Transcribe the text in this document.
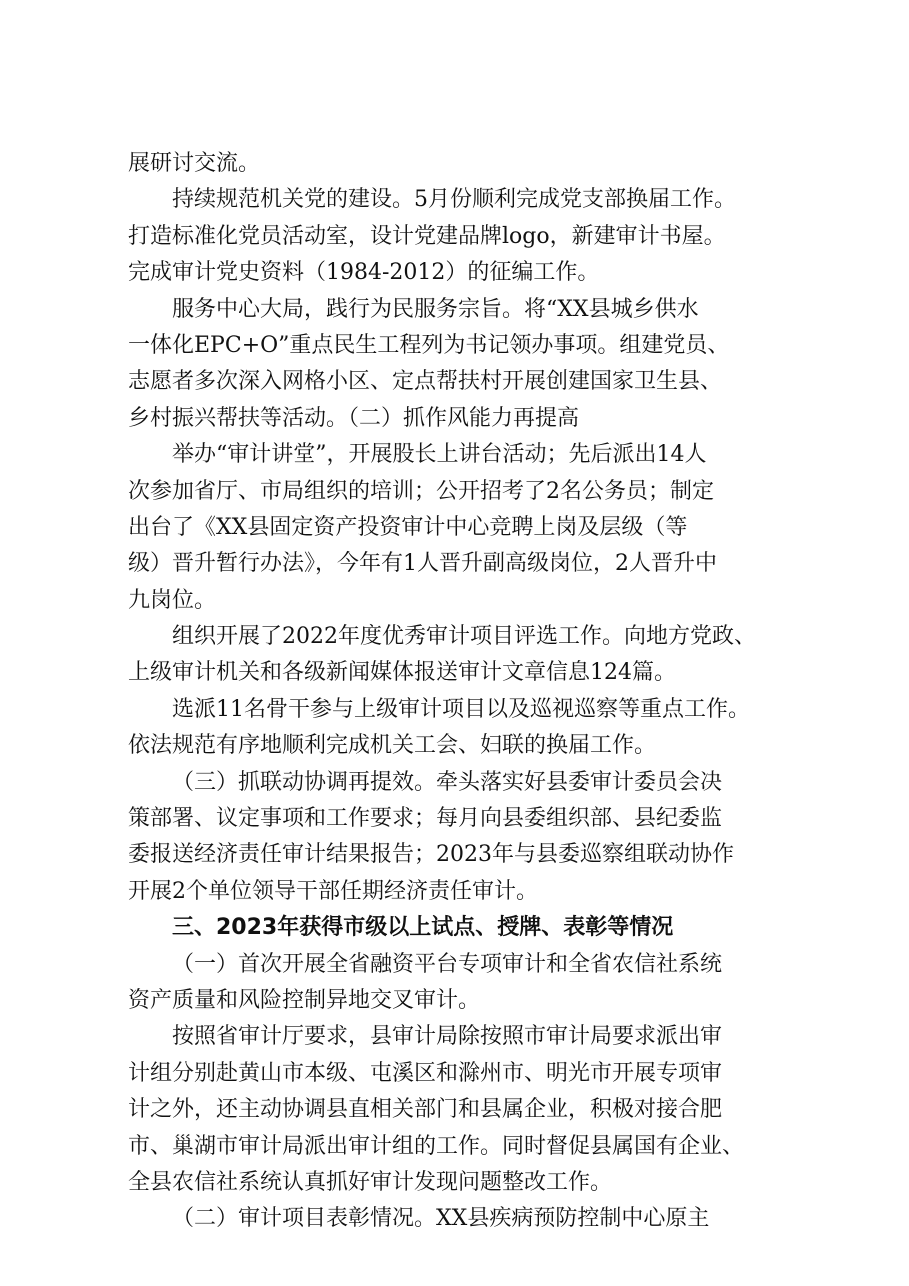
展研讨交流。
持续规范机关党的建设。5月份顺利完成党支部换届工作。
打造标准化党员活动室，设计党建品牌logo，新建审计书屋。
完成审计党史资料（1984-2012）的征编工作。
服务中心大局，践行为民服务宗旨。将“XX县城乡供水
一体化EPC+O”重点民生工程列为书记领办事项。组建党员、
志愿者多次深入网格小区、定点帮扶村开展创建国家卫生县、
乡村振兴帮扶等活动。（二）抓作风能力再提高
举办“审计讲堂”，开展股长上讲台活动；先后派出14人
次参加省厅、市局组织的培训；公开招考了2名公务员；制定
出台了《XX县固定资产投资审计中心竞聘上岗及层级（等
级）晋升暂行办法》，今年有1人晋升副高级岗位，2人晋升中
九岗位。
组织开展了2022年度优秀审计项目评选工作。向地方党政、
上级审计机关和各级新闻媒体报送审计文章信息124篇。
选派11名骨干参与上级审计项目以及巡视巡察等重点工作。
依法规范有序地顺利完成机关工会、妇联的换届工作。
（三）抓联动协调再提效。牵头落实好县委审计委员会决
策部署、议定事项和工作要求；每月向县委组织部、县纪委监
委报送经济责任审计结果报告；2023年与县委巡察组联动协作
开展2个单位领导干部任期经济责任审计。
三、2023年获得市级以上试点、授牌、表彰等情况
（一）首次开展全省融资平台专项审计和全省农信社系统
资产质量和风险控制异地交叉审计。
按照省审计厅要求，县审计局除按照市审计局要求派出审
计组分别赴黄山市本级、屯溪区和滁州市、明光市开展专项审
计之外，还主动协调县直相关部门和县属企业，积极对接合肥
市、巢湖市审计局派出审计组的工作。同时督促县属国有企业、
全县农信社系统认真抓好审计发现问题整改工作。
（二）审计项目表彰情况。XX县疾病预防控制中心原主
